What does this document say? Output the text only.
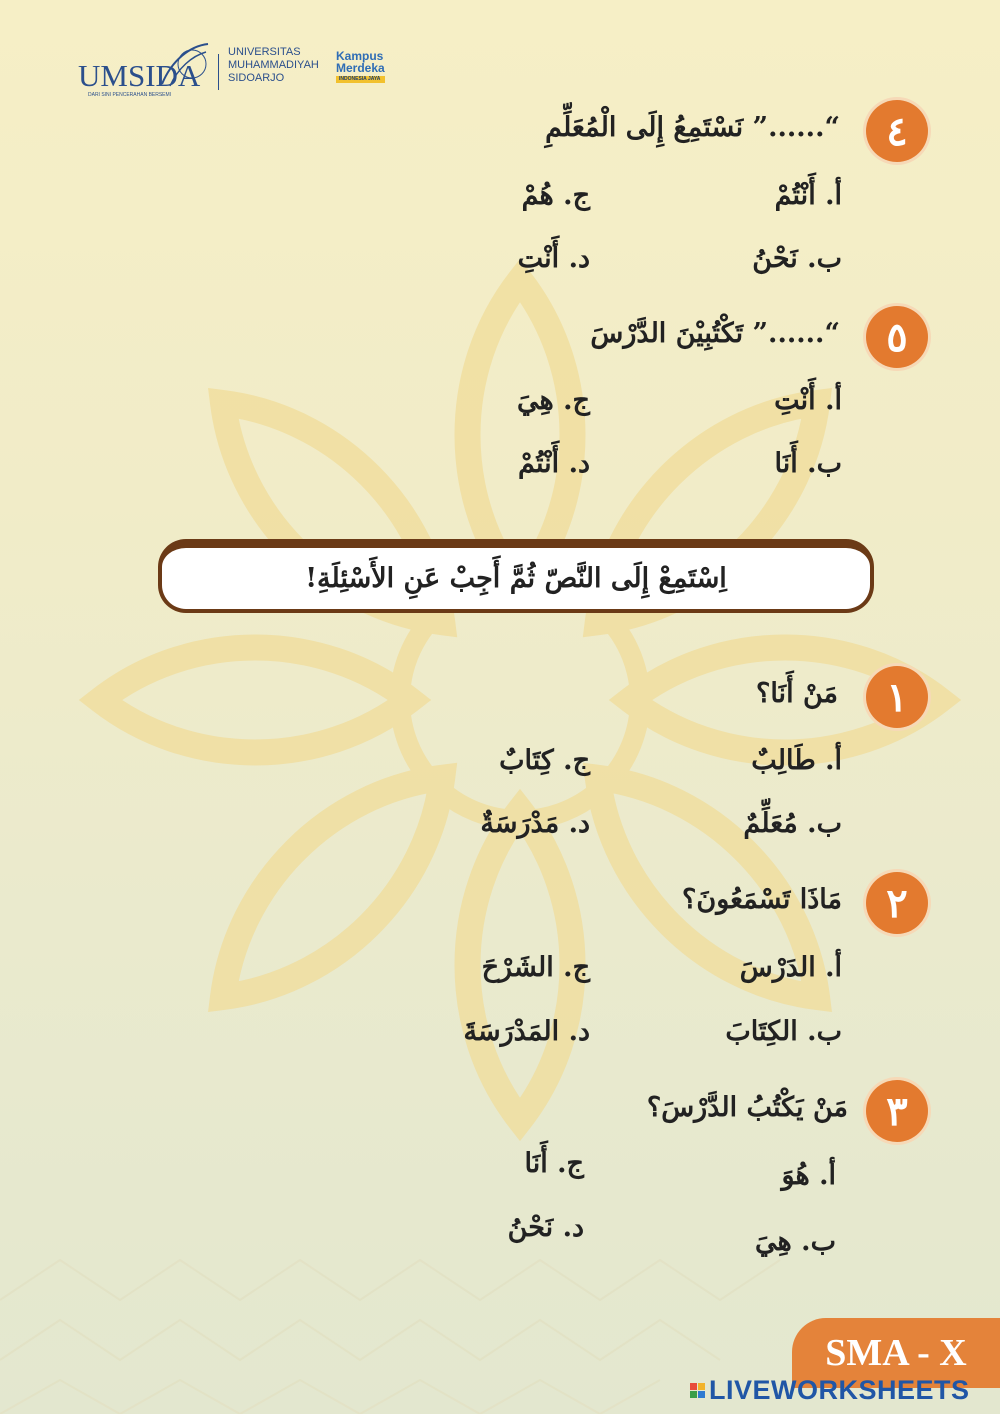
UMSIDA
DARI SINI PENCERAHAN BERSEMI
UNIVERSITAS
MUHAMMADIYAH
SIDOARJO
Kampus
Merdeka
INDONESIA JAYA
٤
“......” نَسْتَمِعُ إِلَى الْمُعَلِّمِ
أ. أَنْتُمْ
ب. نَحْنُ
ج. هُمْ
د. أَنْتِ
٥
“......” تَكْتُبِيْنَ الدَّرْسَ
أ. أَنْتِ
ب. أَنَا
ج. هِيَ
د. أَنْتُمْ
اِسْتَمِعْ إِلَى النَّصّ ثُمَّ أَجِبْ عَنِ الأَسْئِلَةِ!
١
مَنْ أَنَا؟
أ. طَالِبٌ
ب. مُعَلِّمٌ
ج. كِتَابٌ
د. مَدْرَسَةٌ
٢
مَاذَا تَسْمَعُونَ؟
أ. الدَرْسَ
ب. الكِتَابَ
ج. الشَرْحَ
د. المَدْرَسَةَ
٣
مَنْ يَكْتُبُ الدَّرْسَ؟
أ. هُوَ
ب. هِيَ
ج. أَنَا
د. نَحْنُ
SMA - X
LIVEWORKSHEETS
